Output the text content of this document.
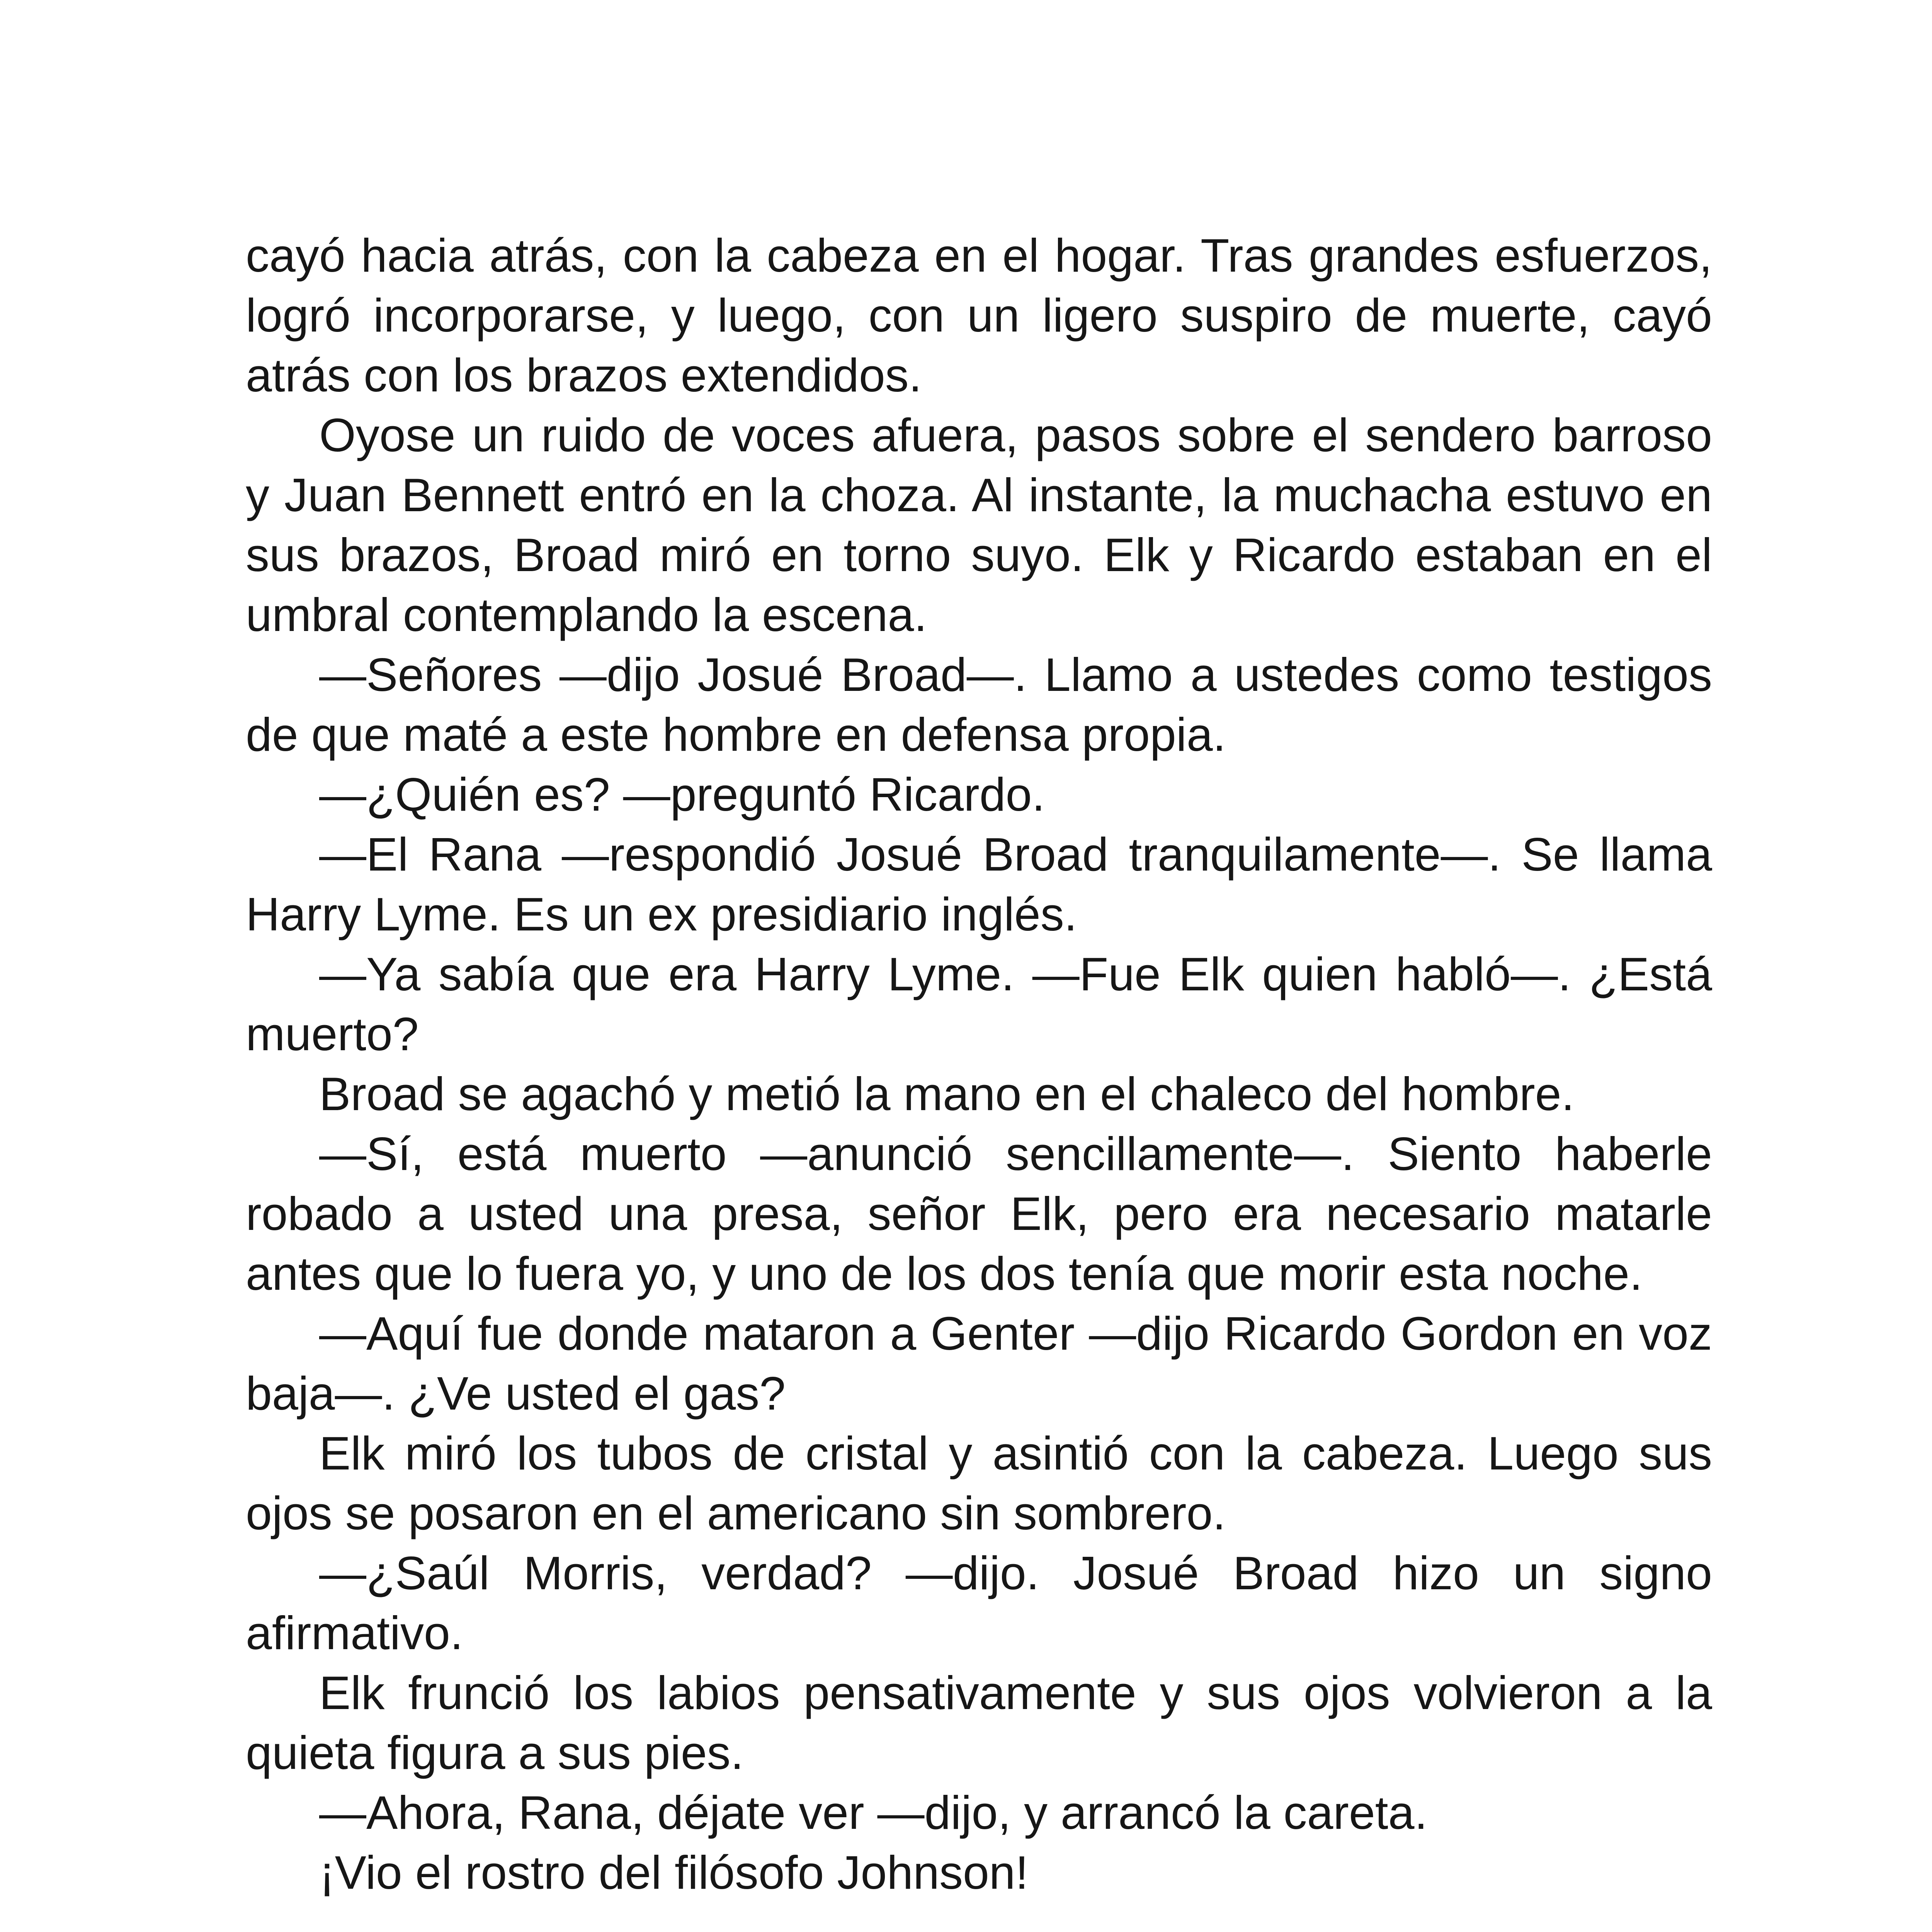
cayó hacia atrás, con la cabeza en el hogar. Tras grandes esfuerzos, logró incorporarse, y luego, con un ligero suspiro de muerte, cayó atrás con los brazos extendidos.

Oyose un ruido de voces afuera, pasos sobre el sendero barroso y Juan Bennett entró en la choza. Al instante, la muchacha estuvo en sus brazos, Broad miró en torno suyo. Elk y Ricardo estaban en el umbral contemplando la escena.

—Señores —dijo Josué Broad—. Llamo a ustedes como testigos de que maté a este hombre en defensa propia.

—¿Quién es? —preguntó Ricardo.

—El Rana —respondió Josué Broad tranquilamente—. Se llama Harry Lyme. Es un ex presidiario inglés.

—Ya sabía que era Harry Lyme. —Fue Elk quien habló—. ¿Está muerto?

Broad se agachó y metió la mano en el chaleco del hombre.

—Sí, está muerto —anunció sencillamente—. Siento haberle robado a usted una presa, señor Elk, pero era necesario matarle antes que lo fuera yo, y uno de los dos tenía que morir esta noche.

—Aquí fue donde mataron a Genter —dijo Ricardo Gordon en voz baja—. ¿Ve usted el gas?

Elk miró los tubos de cristal y asintió con la cabeza. Luego sus ojos se posaron en el americano sin sombrero.

—¿Saúl Morris, verdad? —dijo. Josué Broad hizo un signo afirmativo.

Elk frunció los labios pensativamente y sus ojos volvieron a la quieta figura a sus pies.

—Ahora, Rana, déjate ver —dijo, y arrancó la careta.

¡Vio el rostro del filósofo Johnson!
